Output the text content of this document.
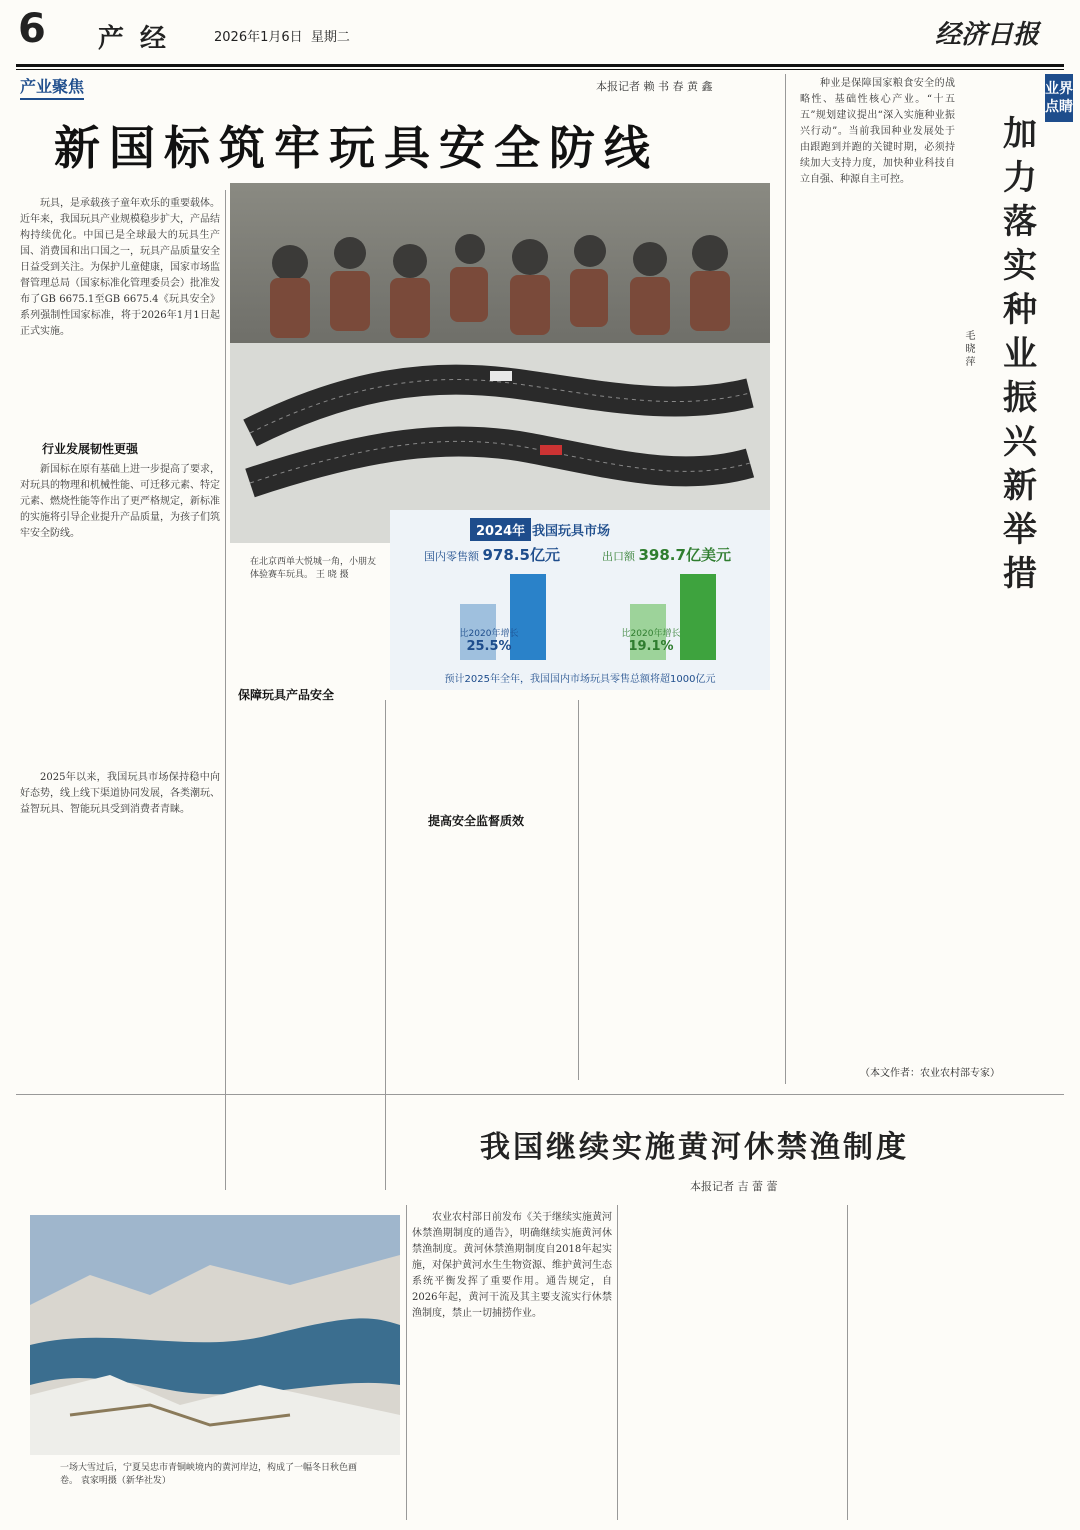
6 产经 2026年1月6日 星期二	经济日报
产业聚焦	本报记者 赖 书 春 黄 鑫
新国标筑牢玩具安全防线
玩具，是承载孩子童年欢乐的重要载体。近年来，我国玩具产业规模稳步扩大，产品结构持续优化。中国已是全球最大的玩具生产国、消费国和出口国之一，玩具产品质量安全日益受到关注。为保护儿童健康，国家市场监督管理总局（国家标准化管理委员会）批准发布了GB 6675.1至GB 6675.4《玩具安全》系列强制性国家标准，将于2026年1月1日起正式实施。
行业发展韧性更强
新国标在原有基础上进一步提高了要求，对玩具的物理和机械性能、可迁移元素、特定元素、燃烧性能等作出了更严格规定，新标准的实施将引导企业提升产品质量，为孩子们筑牢安全防线。
2025年以来，我国玩具市场保持稳中向好态势，线上线下渠道协同发展，各类潮玩、益智玩具、智能玩具受到消费者青睐。
在北京西单大悦城一角，小朋友体验赛车玩具。 王 晓 摄
2024年 我国玩具市场
国内零售额 978.5亿元	出口额 398.7亿美元
比2020年增长
25.5%
比2020年增长
19.1%
预计2025年全年，我国国内市场玩具零售总额将超1000亿元
保障玩具产品安全
提高安全监督质效
业界点睛
加力落实种业振兴新举措
毛 晓 萍
种业是保障国家粮食安全的战略性、基础性核心产业。“十五五”规划建议提出“深入实施种业振兴行动”。当前我国种业发展处于由跟跑到并跑的关键时期，必须持续加大支持力度，加快种业科技自立自强、种源自主可控。
（本文作者：农业农村部专家）
我国继续实施黄河休禁渔制度
本报记者 吉 蕾 蕾
一场大雪过后，宁夏吴忠市青铜峡境内的黄河岸边，构成了一幅冬日秋色画卷。 袁家明摄（新华社发）
农业农村部日前发布《关于继续实施黄河休禁渔期制度的通告》，明确继续实施黄河休禁渔制度。黄河休禁渔期制度自2018年起实施，对保护黄河水生生物资源、维护黄河生态系统平衡发挥了重要作用。通告规定，自2026年起，黄河干流及其主要支流实行休禁渔制度，禁止一切捕捞作业。
